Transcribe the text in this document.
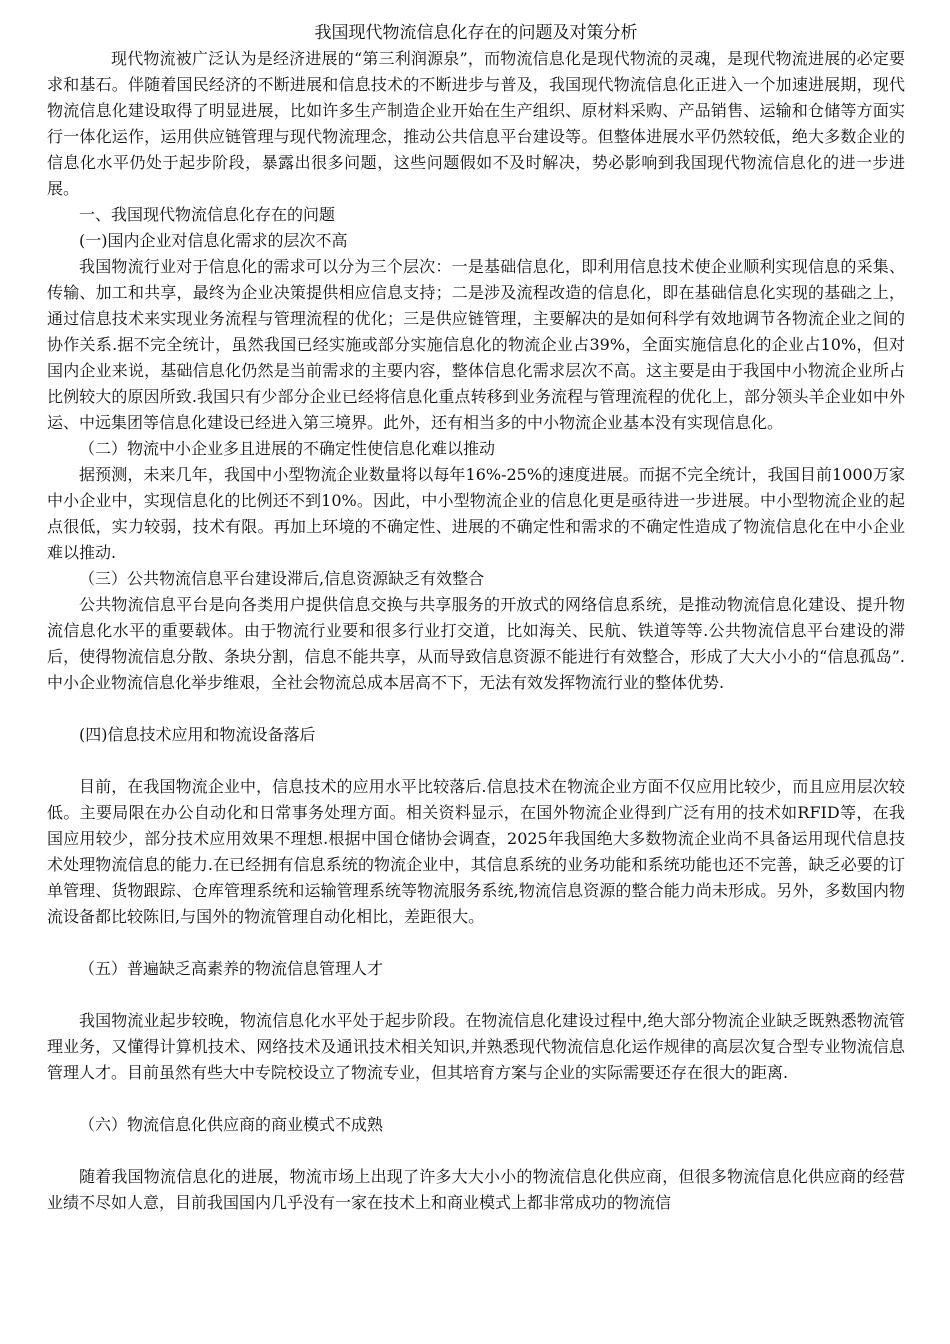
我国现代物流信息化存在的问题及对策分析

现代物流被广泛认为是经济进展的“第三利润源泉”，而物流信息化是现代物流的灵魂，是现代物流进展的必定要求和基石。伴随着国民经济的不断进展和信息技术的不断进步与普及，我国现代物流信息化正进入一个加速进展期，现代物流信息化建设取得了明显进展，比如许多生产制造企业开始在生产组织、原材料采购、产品销售、运输和仓储等方面实行一体化运作，运用供应链管理与现代物流理念，推动公共信息平台建设等。但整体进展水平仍然较低，绝大多数企业的信息化水平仍处于起步阶段，暴露出很多问题，这些问题假如不及时解决，势必影响到我国现代物流信息化的进一步进展。

一、我国现代物流信息化存在的问题

(一)国内企业对信息化需求的层次不高

我国物流行业对于信息化的需求可以分为三个层次：一是基础信息化，即利用信息技术使企业顺利实现信息的采集、传输、加工和共享，最终为企业决策提供相应信息支持；二是涉及流程改造的信息化，即在基础信息化实现的基础之上，通过信息技术来实现业务流程与管理流程的优化；三是供应链管理，主要解决的是如何科学有效地调节各物流企业之间的协作关系.据不完全统计，虽然我国已经实施或部分实施信息化的物流企业占39%，全面实施信息化的企业占10%，但对国内企业来说，基础信息化仍然是当前需求的主要内容，整体信息化需求层次不高。这主要是由于我国中小物流企业所占比例较大的原因所致.我国只有少部分企业已经将信息化重点转移到业务流程与管理流程的优化上，部分领头羊企业如中外运、中远集团等信息化建设已经进入第三境界。此外，还有相当多的中小物流企业基本没有实现信息化。

（二）物流中小企业多且进展的不确定性使信息化难以推动

据预测，未来几年，我国中小型物流企业数量将以每年16%-25%的速度进展。而据不完全统计，我国目前1000万家中小企业中，实现信息化的比例还不到10%。因此，中小型物流企业的信息化更是亟待进一步进展。中小型物流企业的起点很低，实力较弱，技术有限。再加上环境的不确定性、进展的不确定性和需求的不确定性造成了物流信息化在中小企业难以推动.

（三）公共物流信息平台建设滞后,信息资源缺乏有效整合

公共物流信息平台是向各类用户提供信息交换与共享服务的开放式的网络信息系统，是推动物流信息化建设、提升物流信息化水平的重要载体。由于物流行业要和很多行业打交道，比如海关、民航、铁道等等.公共物流信息平台建设的滞后，使得物流信息分散、条块分割，信息不能共享，从而导致信息资源不能进行有效整合，形成了大大小小的“信息孤岛”.中小企业物流信息化举步维艰，全社会物流总成本居高不下，无法有效发挥物流行业的整体优势.

(四)信息技术应用和物流设备落后

目前，在我国物流企业中，信息技术的应用水平比较落后.信息技术在物流企业方面不仅应用比较少，而且应用层次较低。主要局限在办公自动化和日常事务处理方面。相关资料显示，在国外物流企业得到广泛有用的技术如RFID等，在我国应用较少，部分技术应用效果不理想.根据中国仓储协会调查，2025年我国绝大多数物流企业尚不具备运用现代信息技术处理物流信息的能力.在已经拥有信息系统的物流企业中，其信息系统的业务功能和系统功能也还不完善，缺乏必要的订单管理、货物跟踪、仓库管理系统和运输管理系统等物流服务系统,物流信息资源的整合能力尚未形成。另外，多数国内物流设备都比较陈旧,与国外的物流管理自动化相比，差距很大。

（五）普遍缺乏高素养的物流信息管理人才

我国物流业起步较晚，物流信息化水平处于起步阶段。在物流信息化建设过程中,绝大部分物流企业缺乏既熟悉物流管理业务，又懂得计算机技术、网络技术及通讯技术相关知识,并熟悉现代物流信息化运作规律的高层次复合型专业物流信息管理人才。目前虽然有些大中专院校设立了物流专业，但其培育方案与企业的实际需要还存在很大的距离.

（六）物流信息化供应商的商业模式不成熟

随着我国物流信息化的进展，物流市场上出现了许多大大小小的物流信息化供应商，但很多物流信息化供应商的经营业绩不尽如人意，目前我国国内几乎没有一家在技术上和商业模式上都非常成功的物流信
